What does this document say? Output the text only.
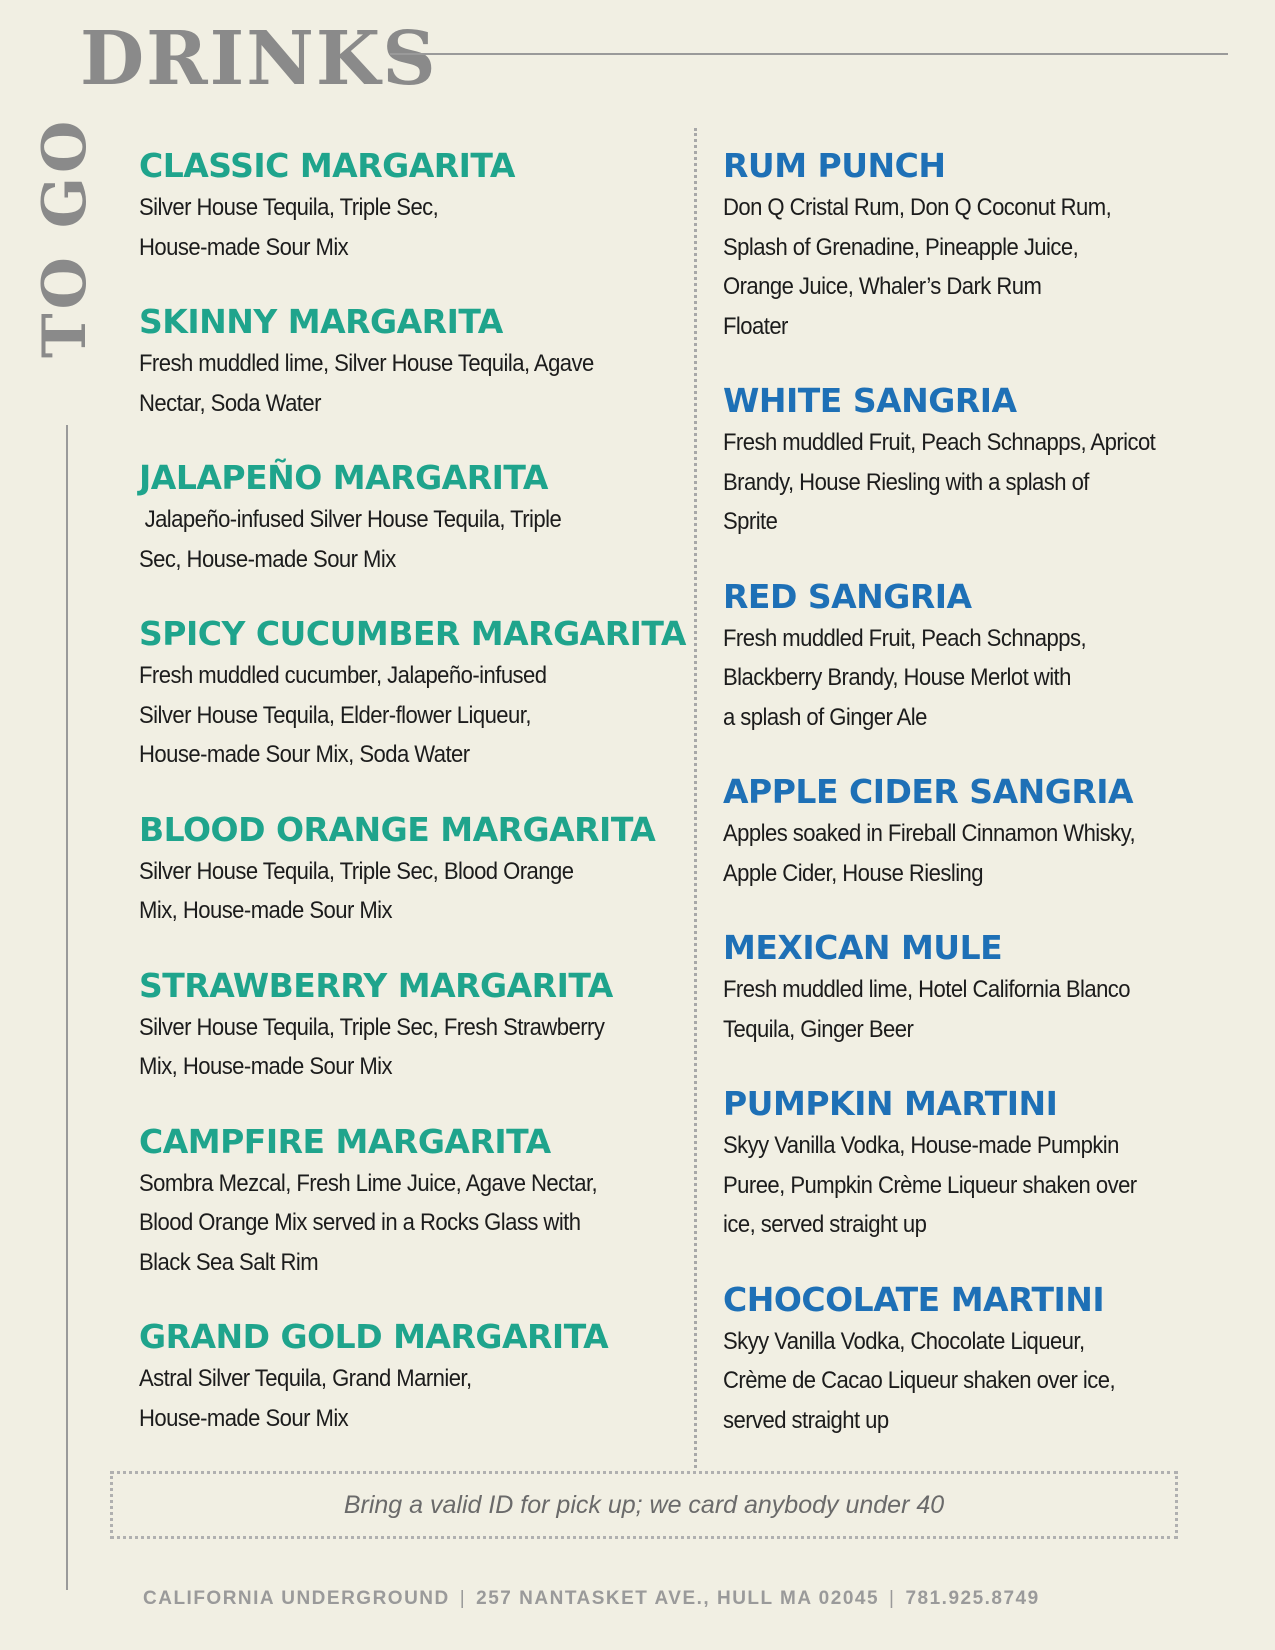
DRINKS
TO GO CLASSIC MARGARITA

Silver House Tequila, Triple Sec,

House-made Sour Mix

SKINNY MARGARITA

Fresh muddled lime, Silver House Tequila, Agave

Nectar, Soda Water

JALAPEÑO MARGARITA

Jalapeño-infused Silver House Tequila, Triple

Sec, House-made Sour Mix

SPICY CUCUMBER MARGARITA

Fresh muddled cucumber, Jalapeño-infused

Silver House Tequila, Elder-flower Liqueur,

House-made Sour Mix, Soda Water

BLOOD ORANGE MARGARITA

Silver House Tequila, Triple Sec, Blood Orange

Mix, House-made Sour Mix

STRAWBERRY MARGARITA

Silver House Tequila, Triple Sec, Fresh Strawberry

Mix, House-made Sour Mix

CAMPFIRE MARGARITA

Sombra Mezcal, Fresh Lime Juice, Agave Nectar,

Blood Orange Mix served in a Rocks Glass with

Black Sea Salt Rim

GRAND GOLD MARGARITA

Astral Silver Tequila, Grand Marnier,

House-made Sour Mix

RUM PUNCH

Don Q Cristal Rum, Don Q Coconut Rum,

Splash of Grenadine, Pineapple Juice,

Orange Juice, Whaler’s Dark Rum

Floater

WHITE SANGRIA

Fresh muddled Fruit, Peach Schnapps, Apricot

Brandy, House Riesling with a splash of

Sprite

RED SANGRIA

Fresh muddled Fruit, Peach Schnapps,

Blackberry Brandy, House Merlot with

a splash of Ginger Ale

APPLE CIDER SANGRIA

Apples soaked in Fireball Cinnamon Whisky,

Apple Cider, House Riesling

MEXICAN MULE

Fresh muddled lime, Hotel California Blanco

Tequila, Ginger Beer

PUMPKIN MARTINI

Skyy Vanilla Vodka, House-made Pumpkin

Puree, Pumpkin Crème Liqueur shaken over

ice, served straight up

CHOCOLATE MARTINI

Skyy Vanilla Vodka, Chocolate Liqueur,

Crème de Cacao Liqueur shaken over ice,

served straight up

Bring a valid ID for pick up; we card anybody under 40
CALIFORNIA UNDERGROUND | 257 NANTASKET AVE., HULL MA 02045 | 781.925.8749
